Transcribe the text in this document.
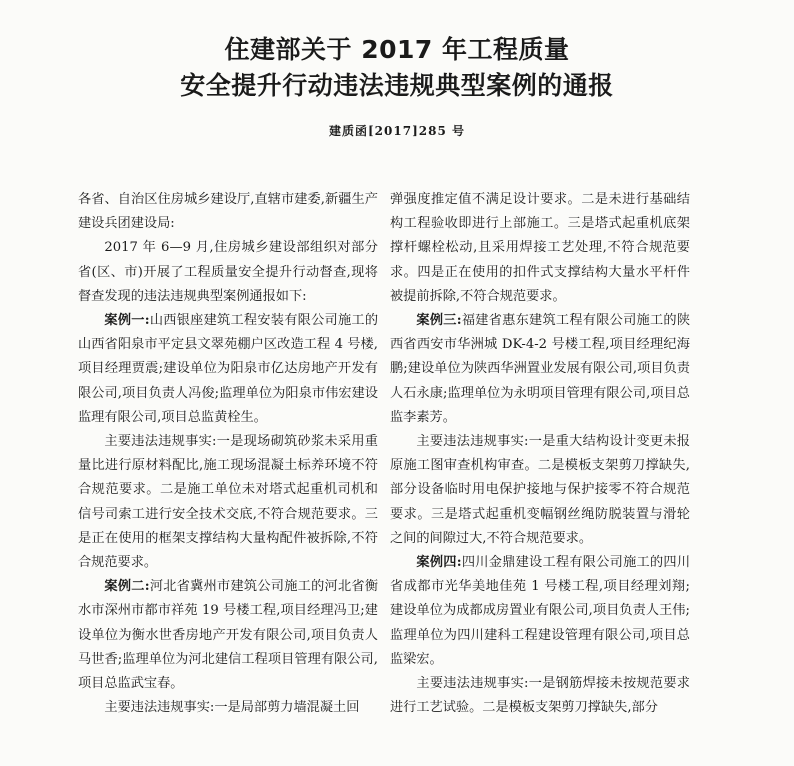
住建部关于 2017 年工程质量
安全提升行动违法违规典型案例的通报
建质函[2017]285 号

各省、自治区住房城乡建设厅,直辖市建委,新疆生产建设兵团建设局:

2017 年 6—9 月,住房城乡建设部组织对部分省(区、市)开展了工程质量安全提升行动督查,现将督查发现的违法违规典型案例通报如下:

案例一:山西银座建筑工程安装有限公司施工的山西省阳泉市平定县文翠苑棚户区改造工程 4 号楼,项目经理贾震;建设单位为阳泉市亿达房地产开发有限公司,项目负责人冯俊;监理单位为阳泉市伟宏建设监理有限公司,项目总监黄栓生。

主要违法违规事实:一是现场砌筑砂浆未采用重量比进行原材料配比,施工现场混凝土标养环境不符合规范要求。二是施工单位未对塔式起重机司机和信号司索工进行安全技术交底,不符合规范要求。三是正在使用的框架支撑结构大量构配件被拆除,不符合规范要求。

案例二:河北省冀州市建筑公司施工的河北省衡水市深州市都市祥苑 19 号楼工程,项目经理冯卫;建设单位为衡水世香房地产开发有限公司,项目负责人马世香;监理单位为河北建信工程项目管理有限公司,项目总监武宝春。

主要违法违规事实:一是局部剪力墙混凝土回

弹强度推定值不满足设计要求。二是未进行基础结构工程验收即进行上部施工。三是塔式起重机底架撑杆螺栓松动,且采用焊接工艺处理,不符合规范要求。四是正在使用的扣件式支撑结构大量水平杆件被提前拆除,不符合规范要求。

案例三:福建省惠东建筑工程有限公司施工的陕西省西安市华洲城 DK-4-2 号楼工程,项目经理纪海鹏;建设单位为陕西华洲置业发展有限公司,项目负责人石永康;监理单位为永明项目管理有限公司,项目总监李素芳。

主要违法违规事实:一是重大结构设计变更未报原施工图审查机构审查。二是模板支架剪刀撑缺失,部分设备临时用电保护接地与保护接零不符合规范要求。三是塔式起重机变幅钢丝绳防脱装置与滑轮之间的间隙过大,不符合规范要求。

案例四:四川金鼎建设工程有限公司施工的四川省成都市光华美地佳苑 1 号楼工程,项目经理刘翔;建设单位为成都成房置业有限公司,项目负责人王伟;监理单位为四川建科工程建设管理有限公司,项目总监梁宏。

主要违法违规事实:一是钢筋焊接未按规范要求进行工艺试验。二是模板支架剪刀撑缺失,部分
